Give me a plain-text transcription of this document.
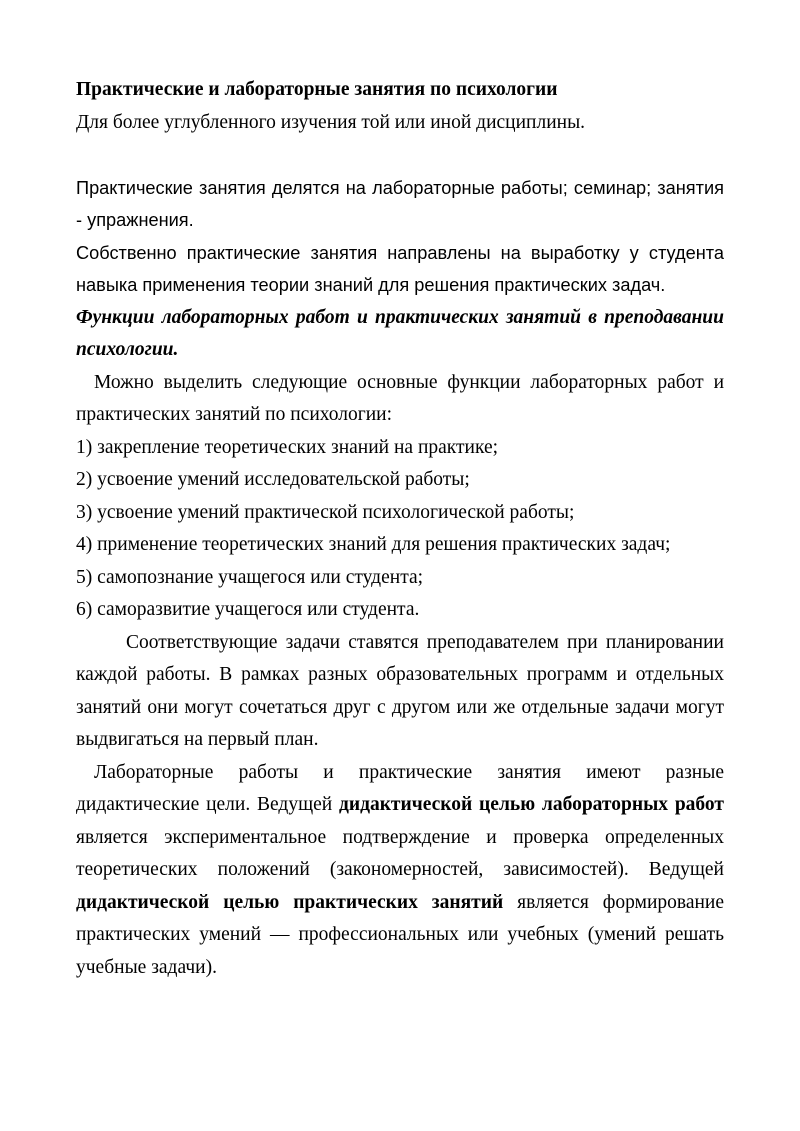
Практические и лабораторные занятия по психологии

Для более углубленного изучения той или иной дисциплины.

Практические занятия делятся на лабораторные работы; семинар; занятия - упражнения.

Собственно практические занятия направлены на выработку у студента навыка применения теории знаний для решения практических задач.

Функции лабораторных работ и практических занятий в преподавании психологии.

Можно выделить следующие основные функции лабораторных работ и практических занятий по психологии:

1) закрепление теоретических знаний на практике;

2) усвоение умений исследовательской работы;

3) усвоение умений практической психологической работы;

4) применение теоретических знаний для решения практических задач;

5) самопознание учащегося или студента;

6) саморазвитие учащегося или студента.

Соответствующие задачи ставятся преподавателем при планировании каждой работы. В рамках разных образовательных программ и отдельных занятий они могут сочетаться друг с другом или же отдельные задачи могут выдвигаться на первый план.

Лабораторные работы и практические занятия имеют разные дидактические цели. Ведущей дидактической целью лабораторных работ является экспериментальное подтверждение и проверка определенных теоретических положений (закономерностей, зависимостей). Ведущей дидактической целью практических занятий является формирование практических умений — профессиональных или учебных (умений решать учебные задачи).
